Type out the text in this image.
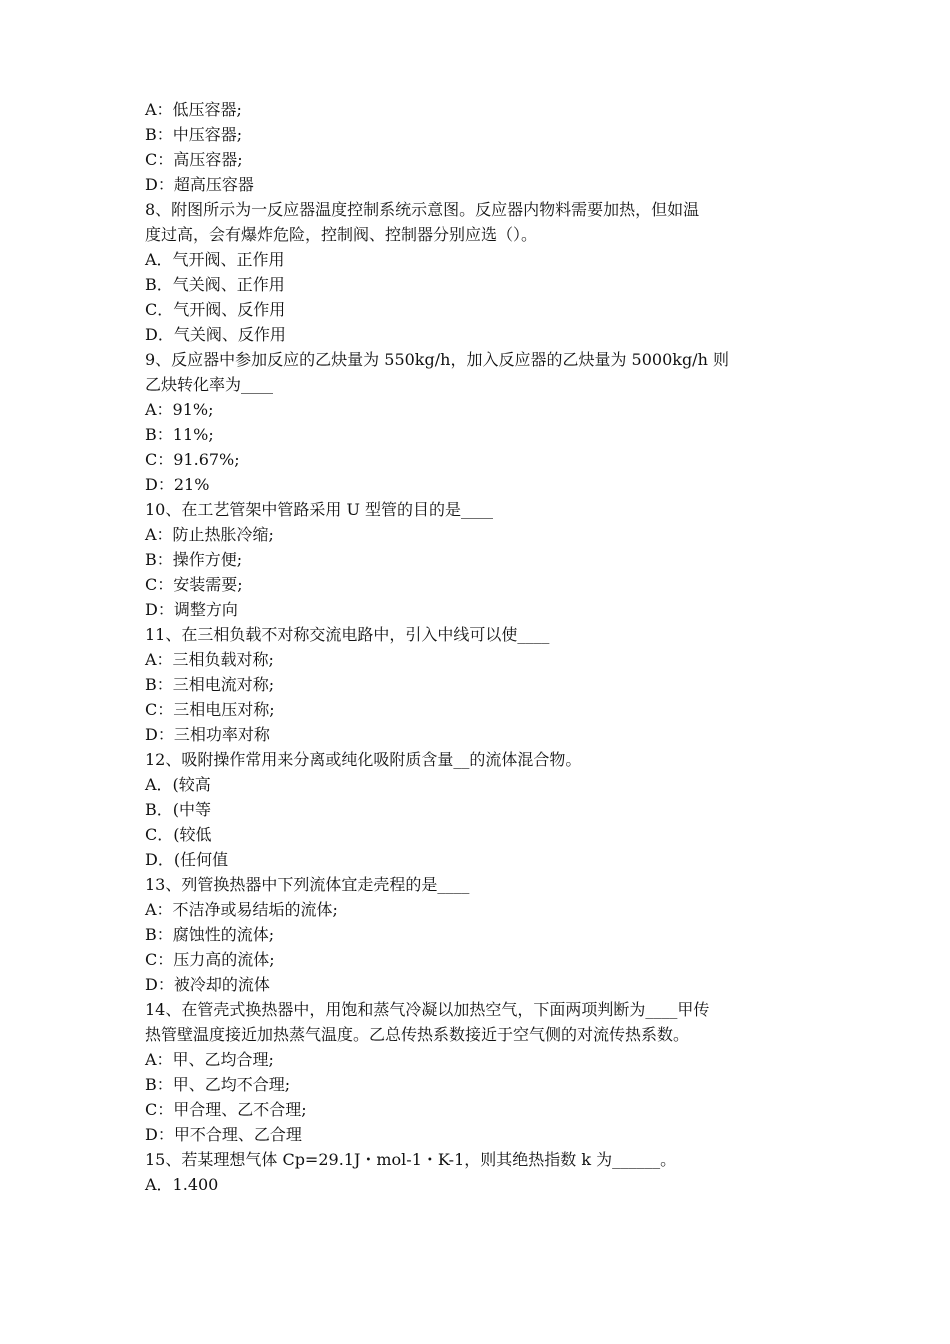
A：低压容器;
B：中压容器;
C：高压容器;
D：超高压容器
8、附图所示为一反应器温度控制系统示意图。反应器内物料需要加热，但如温
度过高，会有爆炸危险，控制阀、控制器分别应选（）。
A．气开阀、正作用
B．气关阀、正作用
C．气开阀、反作用
D．气关阀、反作用
9、反应器中参加反应的乙炔量为 550kg/h，加入反应器的乙炔量为 5000kg/h 则
乙炔转化率为____
A：91%;
B：11%;
C：91.67%;
D：21%
10、在工艺管架中管路采用 U 型管的目的是____
A：防止热胀冷缩;
B：操作方便;
C：安装需要;
D：调整方向
11、在三相负载不对称交流电路中，引入中线可以使____
A：三相负载对称;
B：三相电流对称;
C：三相电压对称;
D：三相功率对称
12、吸附操作常用来分离或纯化吸附质含量__的流体混合物。
A．(较高
B．(中等
C．(较低
D．(任何值
13、列管换热器中下列流体宜走壳程的是____
A：不洁净或易结垢的流体;
B：腐蚀性的流体;
C：压力高的流体;
D：被冷却的流体
14、在管壳式换热器中，用饱和蒸气冷凝以加热空气，下面两项判断为____甲传
热管壁温度接近加热蒸气温度。乙总传热系数接近于空气侧的对流传热系数。
A：甲、乙均合理;
B：甲、乙均不合理;
C：甲合理、乙不合理;
D：甲不合理、乙合理
15、若某理想气体 Cp=29.1J・mol-1・K-1，则其绝热指数 k 为______。
A．1.400
